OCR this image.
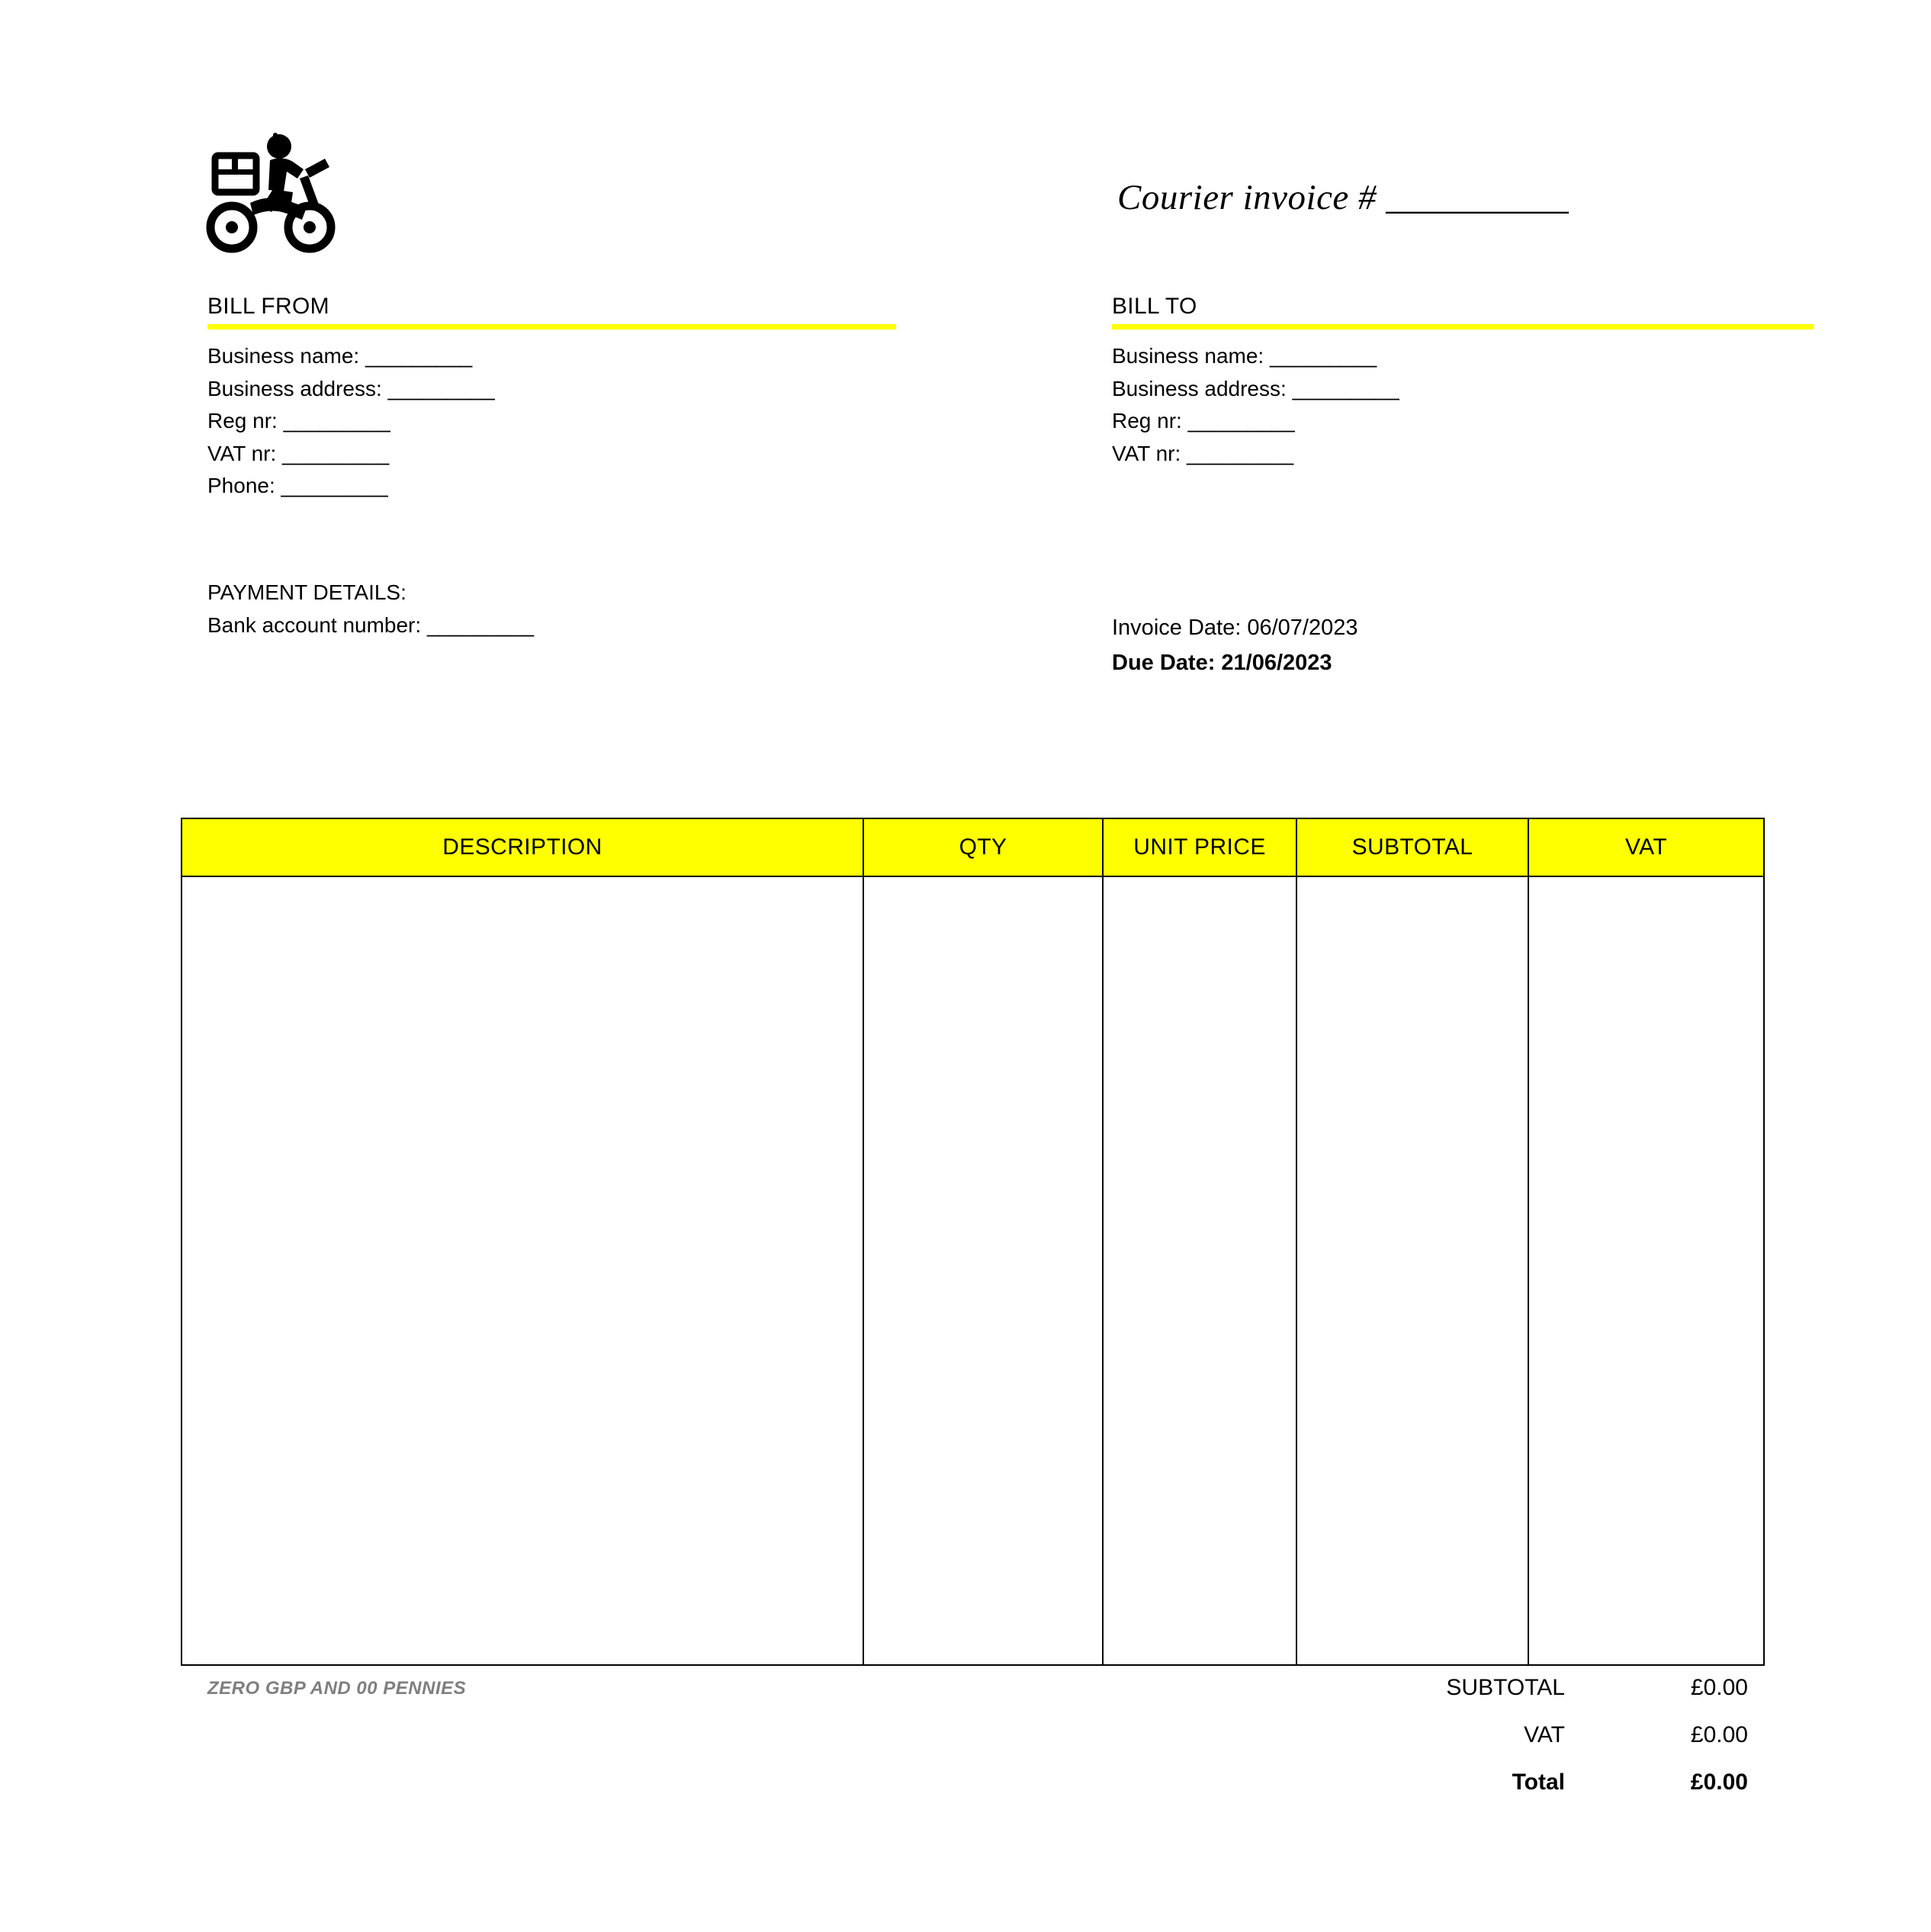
Courier invoice # __________
BILL FROM
Business name: _________
Business address: _________
Reg nr: _________
VAT nr: _________
Phone: _________
BILL TO
Business name: _________
Business address: _________
Reg nr: _________
VAT nr: _________
PAYMENT DETAILS:
Bank account number: _________	Invoice Date: 06/07/2023
Due Date: 21/06/2023
DESCRIPTION	QTY	UNIT PRICE	SUBTOTAL	VAT

ZERO GBP AND 00 PENNIES	SUBTOTAL	£0.00
VAT	£0.00
Total	£0.00
